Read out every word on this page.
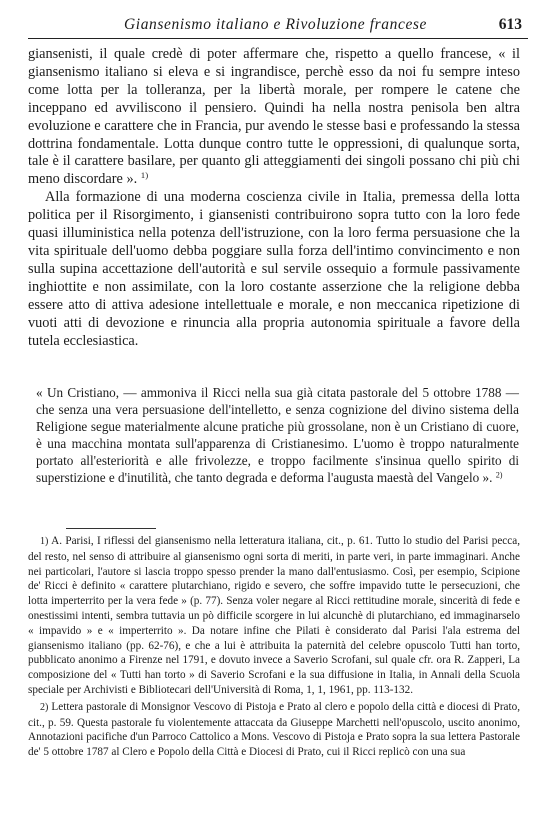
Giansenismo italiano e Rivoluzione francese	613

giansenisti, il quale credè di poter affermare che, rispetto a quello francese, « il giansenismo italiano si eleva e si ingrandisce, perchè esso da noi fu sempre inteso come lotta per la tolleranza, per la libertà morale, per rompere le catene che inceppano ed avviliscono il pensiero. Quindi ha nella nostra penisola ben altra evoluzione e carattere che in Francia, pur avendo le stesse basi e professando la stessa dottrina fondamentale. Lotta dunque contro tutte le oppressioni, di qualunque sorta, tale è il carattere basilare, per quanto gli atteggiamenti dei singoli possano chi più chi meno discordare ». $^{1)}$

Alla formazione di una moderna coscienza civile in Italia, premessa della lotta politica per il Risorgimento, i giansenisti contribuirono sopra tutto con la loro fede quasi illuministica nella potenza dell'istruzione, con la loro ferma persuasione che la vita spirituale dell'uomo debba poggiare sulla forza dell'intimo convincimento e non sulla supina accettazione dell'autorità e sul servile ossequio a formule passivamente inghiottite e non assimilate, con la loro costante asserzione che la religione debba essere atto di attiva adesione intellettuale e morale, e non meccanica ripetizione di vuoti atti di devozione e rinuncia alla propria autonomia spirituale a favore della tutela ecclesiastica.

« Un Cristiano, — ammoniva il Ricci nella sua già citata pastorale del 5 ottobre 1788 — che senza una vera persuasione dell'intelletto, e senza cognizione del divino sistema della Religione segue materialmente alcune pratiche più grossolane, non è un Cristiano di cuore, è una macchina montata sull'apparenza di Cristianesimo. L'uomo è troppo naturalmente portato all'esteriorità e alle frivolezze, e troppo facilmente s'insinua quello spirito di superstizione e d'inutilità, che tanto degrada e deforma l'augusta maestà del Vangelo ». $^{2)}$

1) A. Parisi, I riflessi del giansenismo nella letteratura italiana, cit., p. 61. Tutto lo studio del Parisi pecca, del resto, nel senso di attribuire al giansenismo ogni sorta di meriti, in parte veri, in parte immaginari. Anche nei particolari, l'autore si lascia troppo spesso prender la mano dall'entusiasmo. Così, per esempio, Scipione de' Ricci è definito « carattere plutarchiano, rigido e severo, che soffre impavido tutte le persecuzioni, che lotta imperterrito per la vera fede » (p. 77). Senza voler negare al Ricci rettitudine morale, sincerità di fede e onestissimi intenti, sembra tuttavia un pò difficile scorgere in lui alcunchè di plutarchiano, ed immaginarselo « impavido » e « imperterrito ». Da notare infine che Pilati è considerato dal Parisi l'ala estrema del giansenismo italiano (pp. 62-76), e che a lui è attribuita la paternità del celebre opuscolo Tutti han torto, pubblicato anonimo a Firenze nel 1791, e dovuto invece a Saverio Scrofani, sul quale cfr. ora R. Zapperi, La composizione del « Tutti han torto » di Saverio Scrofani e la sua diffusione in Italia, in Annali della Scuola speciale per Archivisti e Bibliotecari dell'Università di Roma, 1, 1, 1961, pp. 113-132.

2) Lettera pastorale di Monsignor Vescovo di Pistoja e Prato al clero e popolo della città e diocesi di Prato, cit., p. 59. Questa pastorale fu violentemente attaccata da Giuseppe Marchetti nell'opuscolo, uscito anonimo, Annotazioni pacifiche d'un Parroco Cattolico a Mons. Vescovo di Pistoja e Prato sopra la sua lettera Pastorale de' 5 ottobre 1787 al Clero e Popolo della Città e Diocesi di Prato, cui il Ricci replicò con una sua
